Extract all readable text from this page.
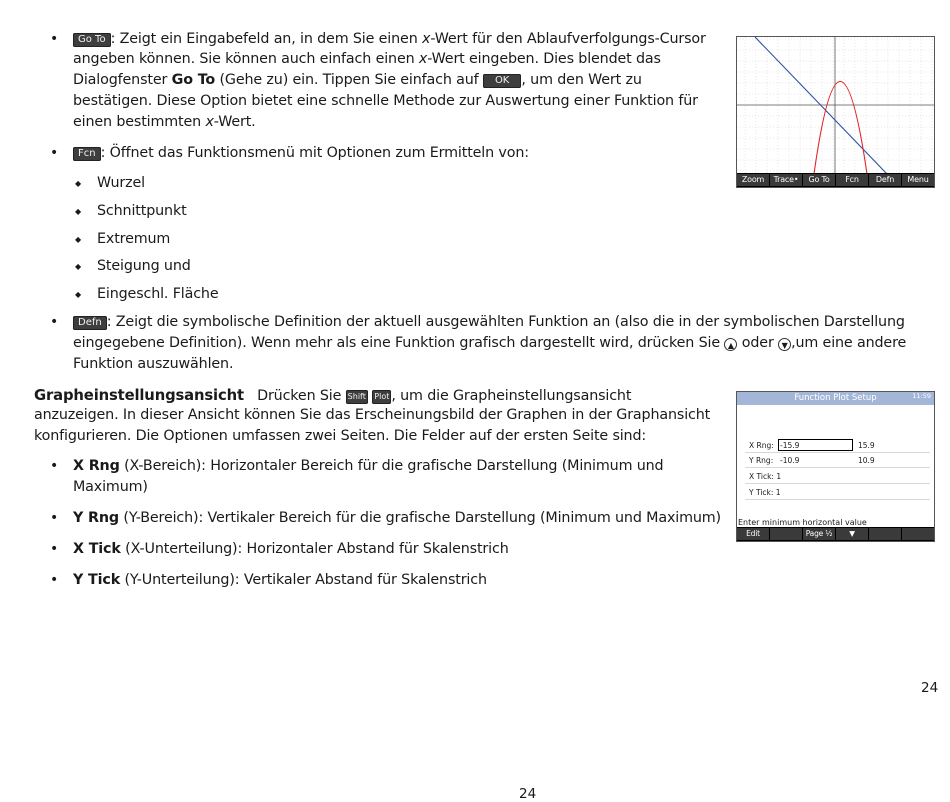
•	Go To : Zeigt ein Eingabefeld an, in dem Sie einen x-Wert für den Ablaufverfolgungs-Cursor
angeben können. Sie können auch einfach einen x-Wert eingeben. Dies blendet das
Dialogfenster Go To (Gehe zu) ein. Tippen Sie einfach auf OK , um den Wert zu
bestätigen. Diese Option bietet eine schnelle Methode zur Auswertung einer Funktion für
einen bestimmten x-Wert.
•	Fcn : Öffnet das Funktionsmenü mit Optionen zum Ermitteln von:
◆ Wurzel
◆ Schnittpunkt
◆ Extremum
◆ Steigung und
◆ Eingeschl. Fläche
•	Defn : Zeigt die symbolische Definition der aktuell ausgewählten Funktion an (also die in der symbolischen Darstellung
eingegebene Definition). Wenn mehr als eine Funktion grafisch dargestellt wird, drücken Sie ▲ oder ▼ ,um eine andere
Funktion auszuwählen.
Grapheinstellungsansicht Drücken Sie Shift Plot , um die Grapheinstellungsansicht
anzuzeigen. In dieser Ansicht können Sie das Erscheinungsbild der Graphen in der Graphansicht
konfigurieren. Die Optionen umfassen zwei Seiten. Die Felder auf der ersten Seite sind:
• X Rng (X-Bereich): Horizontaler Bereich für die grafische Darstellung (Minimum und
Maximum)
• Y Rng (Y-Bereich): Vertikaler Bereich für die grafische Darstellung (Minimum und Maximum)
• X Tick (X-Unterteilung): Horizontaler Abstand für Skalenstrich
• Y Tick (Y-Unterteilung): Vertikaler Abstand für Skalenstrich
Zoom	Trace•	Go To	Fcn	Defn	Menu
Function Plot Setup	11:59
X Rng: -15.9	15.9
Y Rng: -10.9	10.9
X Tick: 1
Y Tick: 1
Enter minimum horizontal value
Edit	Page ½	▼
24
24
